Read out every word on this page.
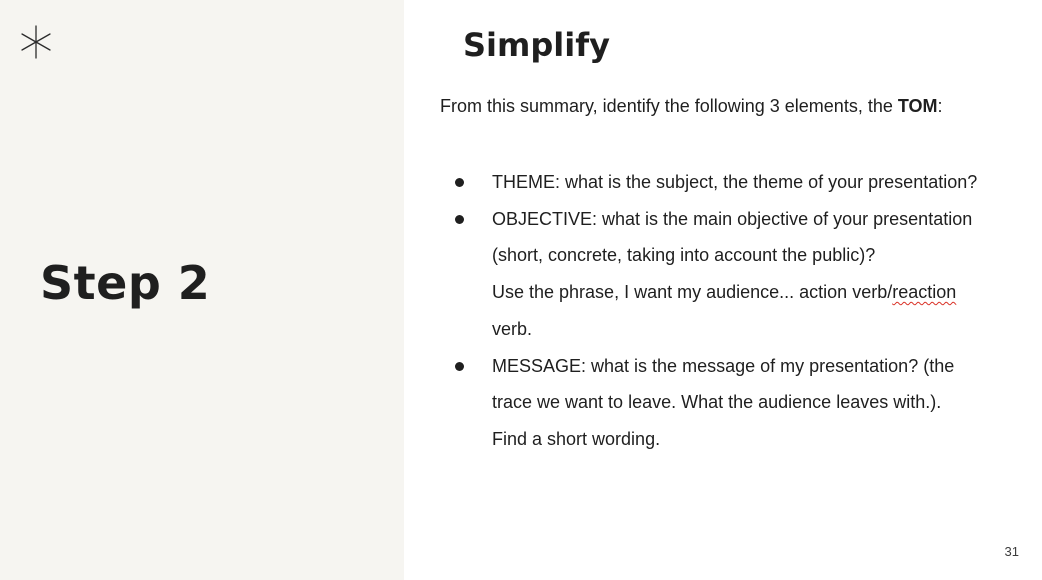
Step 2
Simplify

From this summary, identify the following 3 elements, the TOM:

THEME: what is the subject, the theme of your presentation?
OBJECTIVE: what is the main objective of your presentation
(short, concrete, taking into account the public)?
Use the phrase, I want my audience... action verb/reaction
verb.
MESSAGE: what is the message of my presentation? (the
trace we want to leave. What the audience leaves with.).
Find a short wording.
31
